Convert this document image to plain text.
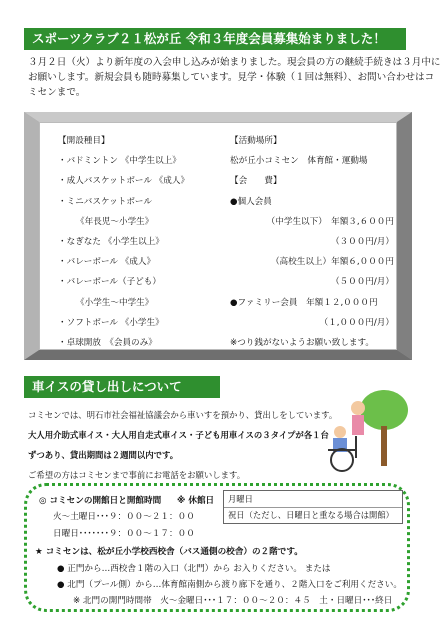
スポーツクラブ２１松が丘 令和３年度会員募集始まりました！

３月２日（火）より新年度の入会申し込みが始まりました。現会員の方の継続手続きは３月中に

お願いします。新規会員も随時募集しています。見学・体験（１回は無料）、お問い合わせはコ

ミセンまで。

【開設種目】
・バドミントン 《中学生以上》
・成人バスケットボール 《成人》
・ミニバスケットボール
《年長児〜小学生》
・なぎなた 《小学生以上》
・バレーボール 《成人》
・バレーボール（子ども）
《小学生〜中学生》
・ソフトボール 《小学生》
・卓球開放　《会員のみ》
【活動場所】
松が丘小コミセン　体育館・運動場
【会　　費】
●個人会員
（中学生以下）　年額３,６００円
（３００円/月）
（高校生以上）年額６,０００円
（５００円/月）
●ファミリー会員　年額１２,０００円
（１,０００円/月）
※つり銭がないようお願い致します。
車イスの貸し出しについて

コミセンでは、明石市社会福祉協議会から車いすを預かり、貸出しをしています。

大人用介助式車イス・大人用自走式車イス・子ども用車イスの３タイプが各１台

ずつあり、貸出期間は２週間以内です。

ご希望の方はコミセンまで事前にお電話をお願いします。

◎ コミセンの開館日と開館時間
火〜土曜日･･･９：００〜２１：００
日曜日･･･････９：００〜１７：００
※ 休館日 月曜日
祝日（ただし、日曜日と重なる場合は開館）
★ コミセンは、松が丘小学校西校舎（バス通側の校舎）の２階です。
● 正門から…西校舎１階の入口（北門）から お入りください。 または
● 北門（プール側）から…体育館南側から渡り廊下を通り、２階入口をご利用ください。
※ 北門の開門時間帯　火〜金曜日･･･１７：００〜２０：４５　土・日曜日･･･終日
